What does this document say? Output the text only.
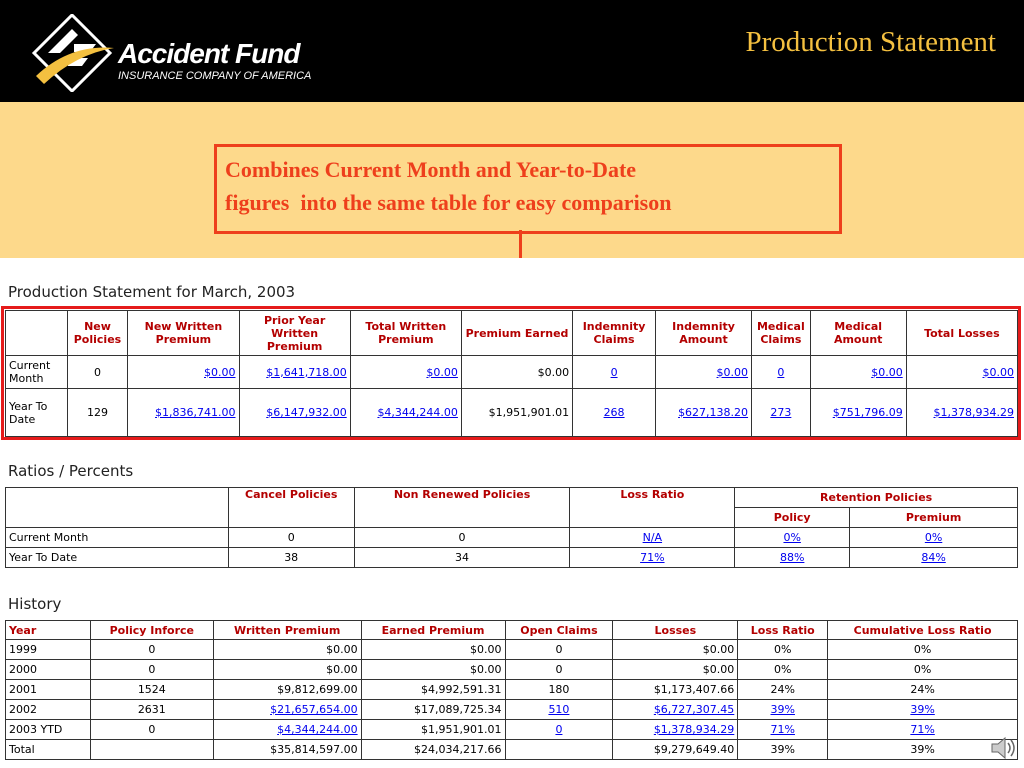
Accident Fund
INSURANCE COMPANY OF AMERICA
Production Statement
Combines Current Month and Year-to-Date
figures  into the same table for easy comparison
Production Statement for March, 2003
	New Policies	New Written Premium	Prior Year Written Premium	Total Written Premium	Premium Earned	Indemnity Claims	Indemnity Amount	Medical Claims	Medical Amount	Total Losses
Current Month	0	$0.00	$1,641,718.00	$0.00	$0.00	0	$0.00	0	$0.00	$0.00
Year To Date	129	$1,836,741.00	$6,147,932.00	$4,344,244.00	$1,951,901.01	268	$627,138.20	273	$751,796.09	$1,378,934.29
Ratios / Percents
	Cancel Policies	Non Renewed Policies	Loss Ratio	Retention Policies	
				Policy	Premium
Current Month	0	0	N/A	0%	0%
Year To Date	38	34	71%	88%	84%
History
Year	Policy Inforce	Written Premium	Earned Premium	Open Claims	Losses	Loss Ratio	Cumulative Loss Ratio
1999	0	$0.00	$0.00	0	$0.00	0%	0%
2000	0	$0.00	$0.00	0	$0.00	0%	0%
2001	1524	$9,812,699.00	$4,992,591.31	180	$1,173,407.66	24%	24%
2002	2631	$21,657,654.00	$17,089,725.34	510	$6,727,307.45	39%	39%
2003 YTD	0	$4,344,244.00	$1,951,901.01	0	$1,378,934.29	71%	71%
Total		$35,814,597.00	$24,034,217.66		$9,279,649.40	39%	39%
